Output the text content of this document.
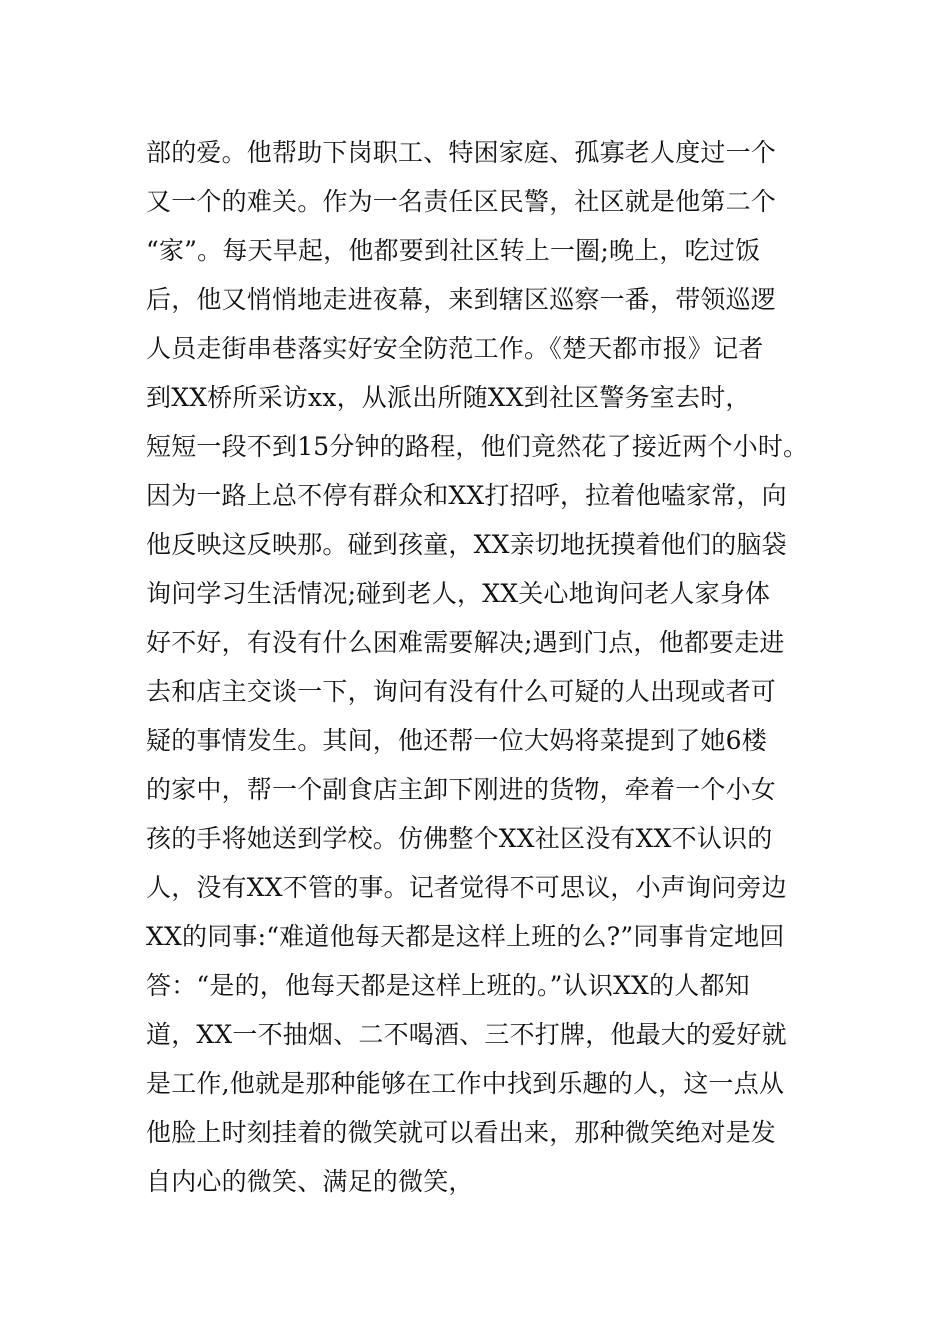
部的爱。他帮助下岗职工、特困家庭、孤寡老人度过一个
又一个的难关。作为一名责任区民警，社区就是他第二个
“家”。每天早起，他都要到社区转上一圈;晚上，吃过饭
后，他又悄悄地走进夜幕，来到辖区巡察一番，带领巡逻
人员走街串巷落实好安全防范工作。《楚天都市报》记者
到XX桥所采访xx，从派出所随XX到社区警务室去时，
短短一段不到15分钟的路程，他们竟然花了接近两个小时。
因为一路上总不停有群众和XX打招呼，拉着他嗑家常，向
他反映这反映那。碰到孩童，XX亲切地抚摸着他们的脑袋
询问学习生活情况;碰到老人，XX关心地询问老人家身体
好不好，有没有什么困难需要解决;遇到门点，他都要走进
去和店主交谈一下，询问有没有什么可疑的人出现或者可
疑的事情发生。其间，他还帮一位大妈将菜提到了她6楼
的家中，帮一个副食店主卸下刚进的货物，牵着一个小女
孩的手将她送到学校。仿佛整个XX社区没有XX不认识的
人，没有XX不管的事。记者觉得不可思议，小声询问旁边
XX的同事:“难道他每天都是这样上班的么?”同事肯定地回
答：“是的，他每天都是这样上班的。”认识XX的人都知
道，XX一不抽烟、二不喝酒、三不打牌，他最大的爱好就
是工作,他就是那种能够在工作中找到乐趣的人，这一点从
他脸上时刻挂着的微笑就可以看出来，那种微笑绝对是发
自内心的微笑、满足的微笑，
